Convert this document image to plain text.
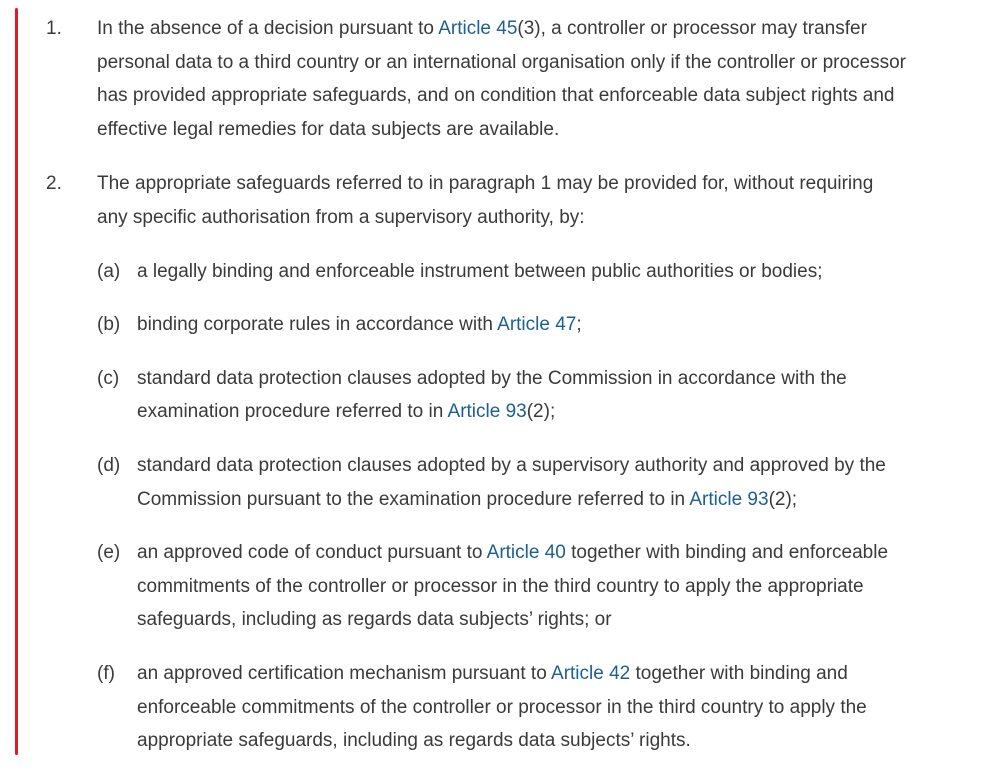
1. In the absence of a decision pursuant to Article 45(3), a controller or processor may transfer personal data to a third country or an international organisation only if the controller or processor has provided appropriate safeguards, and on condition that enforceable data subject rights and effective legal remedies for data subjects are available.

2. The appropriate safeguards referred to in paragraph 1 may be provided for, without requiring any specific authorisation from a supervisory authority, by:

(a) a legally binding and enforceable instrument between public authorities or bodies;
(b) binding corporate rules in accordance with Article 47;
(c) standard data protection clauses adopted by the Commission in accordance with the examination procedure referred to in Article 93(2);
(d) standard data protection clauses adopted by a supervisory authority and approved by the Commission pursuant to the examination procedure referred to in Article 93(2);
(e) an approved code of conduct pursuant to Article 40 together with binding and enforceable commitments of the controller or processor in the third country to apply the appropriate safeguards, including as regards data subjects’ rights; or
(f) an approved certification mechanism pursuant to Article 42 together with binding and enforceable commitments of the controller or processor in the third country to apply the appropriate safeguards, including as regards data subjects’ rights.
